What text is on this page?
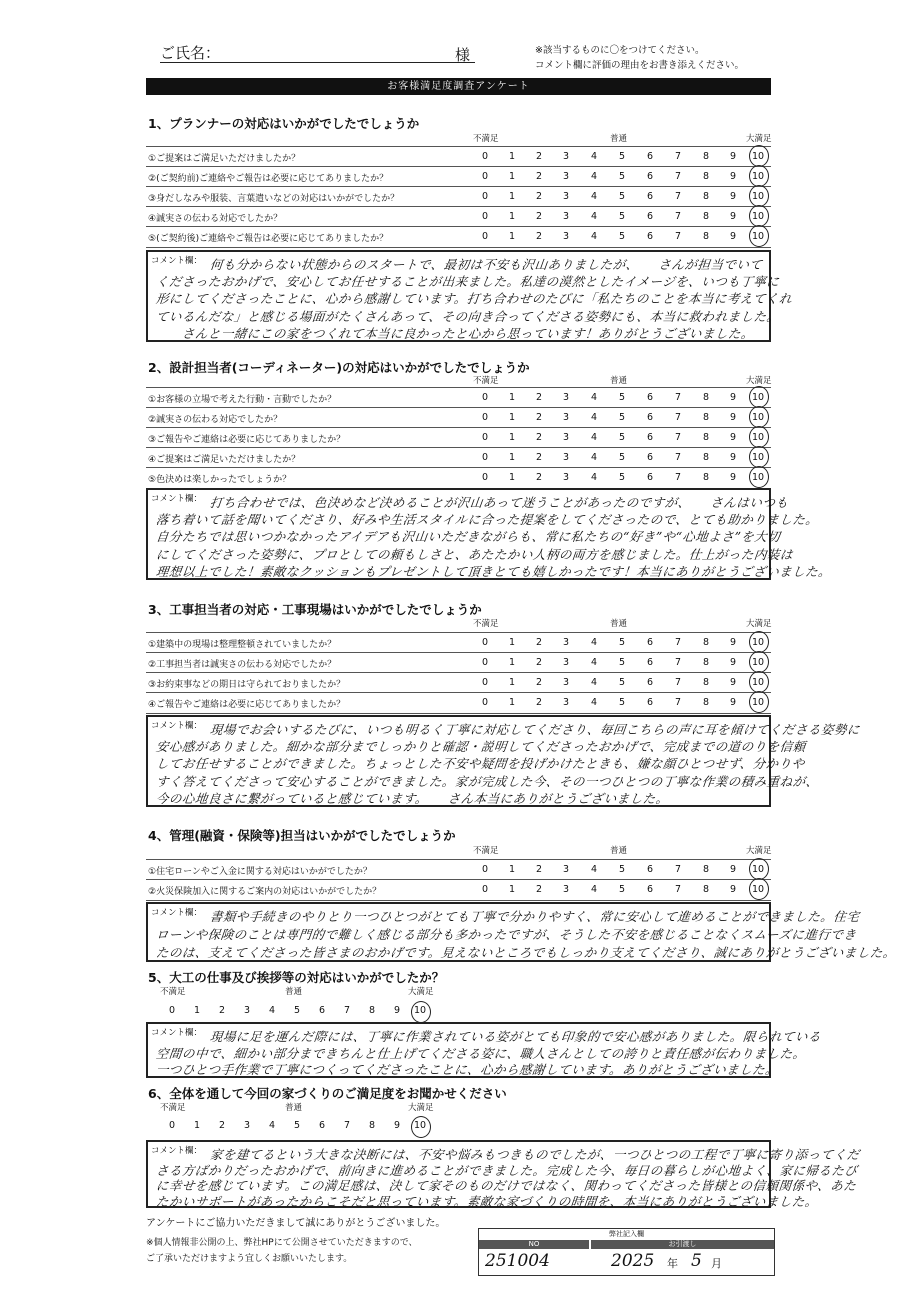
ご氏名：	様	※該当するものに〇をつけてください。
コメント欄に評価の理由をお書き添えください。
お客様満足度調査アンケート
1、プランナーの対応はいかがでしたでしょうか
不満足	普通	大満足
①ご提案はご満足いただけましたか？	0	1	2	3	4	5	6	7	8	9	10
②(ご契約前)ご連絡やご報告は必要に応じてありましたか？	0	1	2	3	4	5	6	7	8	9	10
③身だしなみや服装、言葉遣いなどの対応はいかがでしたか？	0	1	2	3	4	5	6	7	8	9	10
④誠実さの伝わる対応でしたか？	0	1	2	3	4	5	6	7	8	9	10
⑤(ご契約後)ご連絡やご報告は必要に応じてありましたか？	0	1	2	3	4	5	6	7	8	9	10
コメント欄： 何も分からない状態からのスタートで、最初は不安も沢山ありましたが、　　さんが担当でいて
くださったおかげで、安心してお任せすることが出来ました。私達の漠然としたイメージを、いつも丁寧に
形にしてくださったことに、心から感謝しています。打ち合わせのたびに「私たちのことを本当に考えてくれ
ているんだな」と感じる場面がたくさんあって、その向き合ってくださる姿勢にも、本当に救われました。
　　さんと一緒にこの家をつくれて本当に良かったと心から思っています！ありがとうございました。
2、設計担当者(コーディネーター)の対応はいかがでしたでしょうか
不満足	普通	大満足
①お客様の立場で考えた行動・言動でしたか？	0	1	2	3	4	5	6	7	8	9	10
②誠実さの伝わる対応でしたか？	0	1	2	3	4	5	6	7	8	9	10
③ご報告やご連絡は必要に応じてありましたか？	0	1	2	3	4	5	6	7	8	9	10
④ご提案はご満足いただけましたか？	0	1	2	3	4	5	6	7	8	9	10
⑤色決めは楽しかったでしょうか？	0	1	2	3	4	5	6	7	8	9	10
コメント欄： 打ち合わせでは、色決めなど決めることが沢山あって迷うことがあったのですが、　　さんはいつも
落ち着いて話を聞いてくださり、好みや生活スタイルに合った提案をしてくださったので、とても助かりました。
自分たちでは思いつかなかったアイデアも沢山いただきながらも、常に私たちの“好き”や“心地よさ”を大切
にしてくださった姿勢に、プロとしての頼もしさと、あたたかい人柄の両方を感じました。仕上がった内装は
理想以上でした！素敵なクッションもプレゼントして頂きとても嬉しかったです！本当にありがとうございました。
3、工事担当者の対応・工事現場はいかがでしたでしょうか
不満足	普通	大満足
①建築中の現場は整理整頓されていましたか？	0	1	2	3	4	5	6	7	8	9	10
②工事担当者は誠実さの伝わる対応でしたか？	0	1	2	3	4	5	6	7	8	9	10
③お約束事などの期日は守られておりましたか？	0	1	2	3	4	5	6	7	8	9	10
④ご報告やご連絡は必要に応じてありましたか？	0	1	2	3	4	5	6	7	8	9	10
コメント欄： 現場でお会いするたびに、いつも明るく丁寧に対応してくださり、毎回こちらの声に耳を傾けてくださる姿勢に
安心感がありました。細かな部分までしっかりと確認・説明してくださったおかげで、完成までの道のりを信頼
してお任せすることができました。ちょっとした不安や疑問を投げかけたときも、嫌な顔ひとつせず、分かりや
すく答えてくださって安心することができました。家が完成した今、その一つひとつの丁寧な作業の積み重ねが、
今の心地良さに繋がっていると感じています。　　さん本当にありがとうございました。
4、管理(融資・保険等)担当はいかがでしたでしょうか
不満足	普通	大満足
①住宅ローンやご入金に関する対応はいかがでしたか？	0	1	2	3	4	5	6	7	8	9	10
②火災保険加入に関するご案内の対応はいかがでしたか？	0	1	2	3	4	5	6	7	8	9	10
コメント欄： 書類や手続きのやりとり一つひとつがとても丁寧で分かりやすく、常に安心して進めることができました。住宅
ローンや保険のことは専門的で難しく感じる部分も多かったですが、そうした不安を感じることなくスムーズに進行でき
たのは、支えてくださった皆さまのおかげです。見えないところでもしっかり支えてくださり、誠にありがとうございました。
5、大工の仕事及び挨拶等の対応はいかがでしたか？
不満足	普通	大満足
0	1	2	3	4	5	6	7	8	9	10
コメント欄： 現場に足を運んだ際には、丁寧に作業されている姿がとても印象的で安心感がありました。限られている
空間の中で、細かい部分まできちんと仕上げてくださる姿に、職人さんとしての誇りと責任感が伝わりました。
一つひとつ手作業で丁寧につくってくださったことに、心から感謝しています。ありがとうございました。
6、全体を通して今回の家づくりのご満足度をお聞かせください
不満足	普通	大満足
0	1	2	3	4	5	6	7	8	9	10
コメント欄： 家を建てるという大きな決断には、不安や悩みもつきものでしたが、一つひとつの工程で丁寧に寄り添ってくだ
さる方ばかりだったおかげで、前向きに進めることができました。完成した今、毎日の暮らしが心地よく、家に帰るたび
に幸せを感じています。この満足感は、決して家そのものだけではなく、関わってくださった皆様との信頼関係や、あた
たかいサポートがあったからこそだと思っています。素敵な家づくりの時間を、本当にありがとうございました。
アンケートにご協力いただきまして誠にありがとうございました。
※個人情報非公開の上、弊社HPにて公開させていただきますので、
ご了承いただけますよう宜しくお願いいたします。
弊社記入欄
NO	お引渡し
251004	2025 年 5 月
